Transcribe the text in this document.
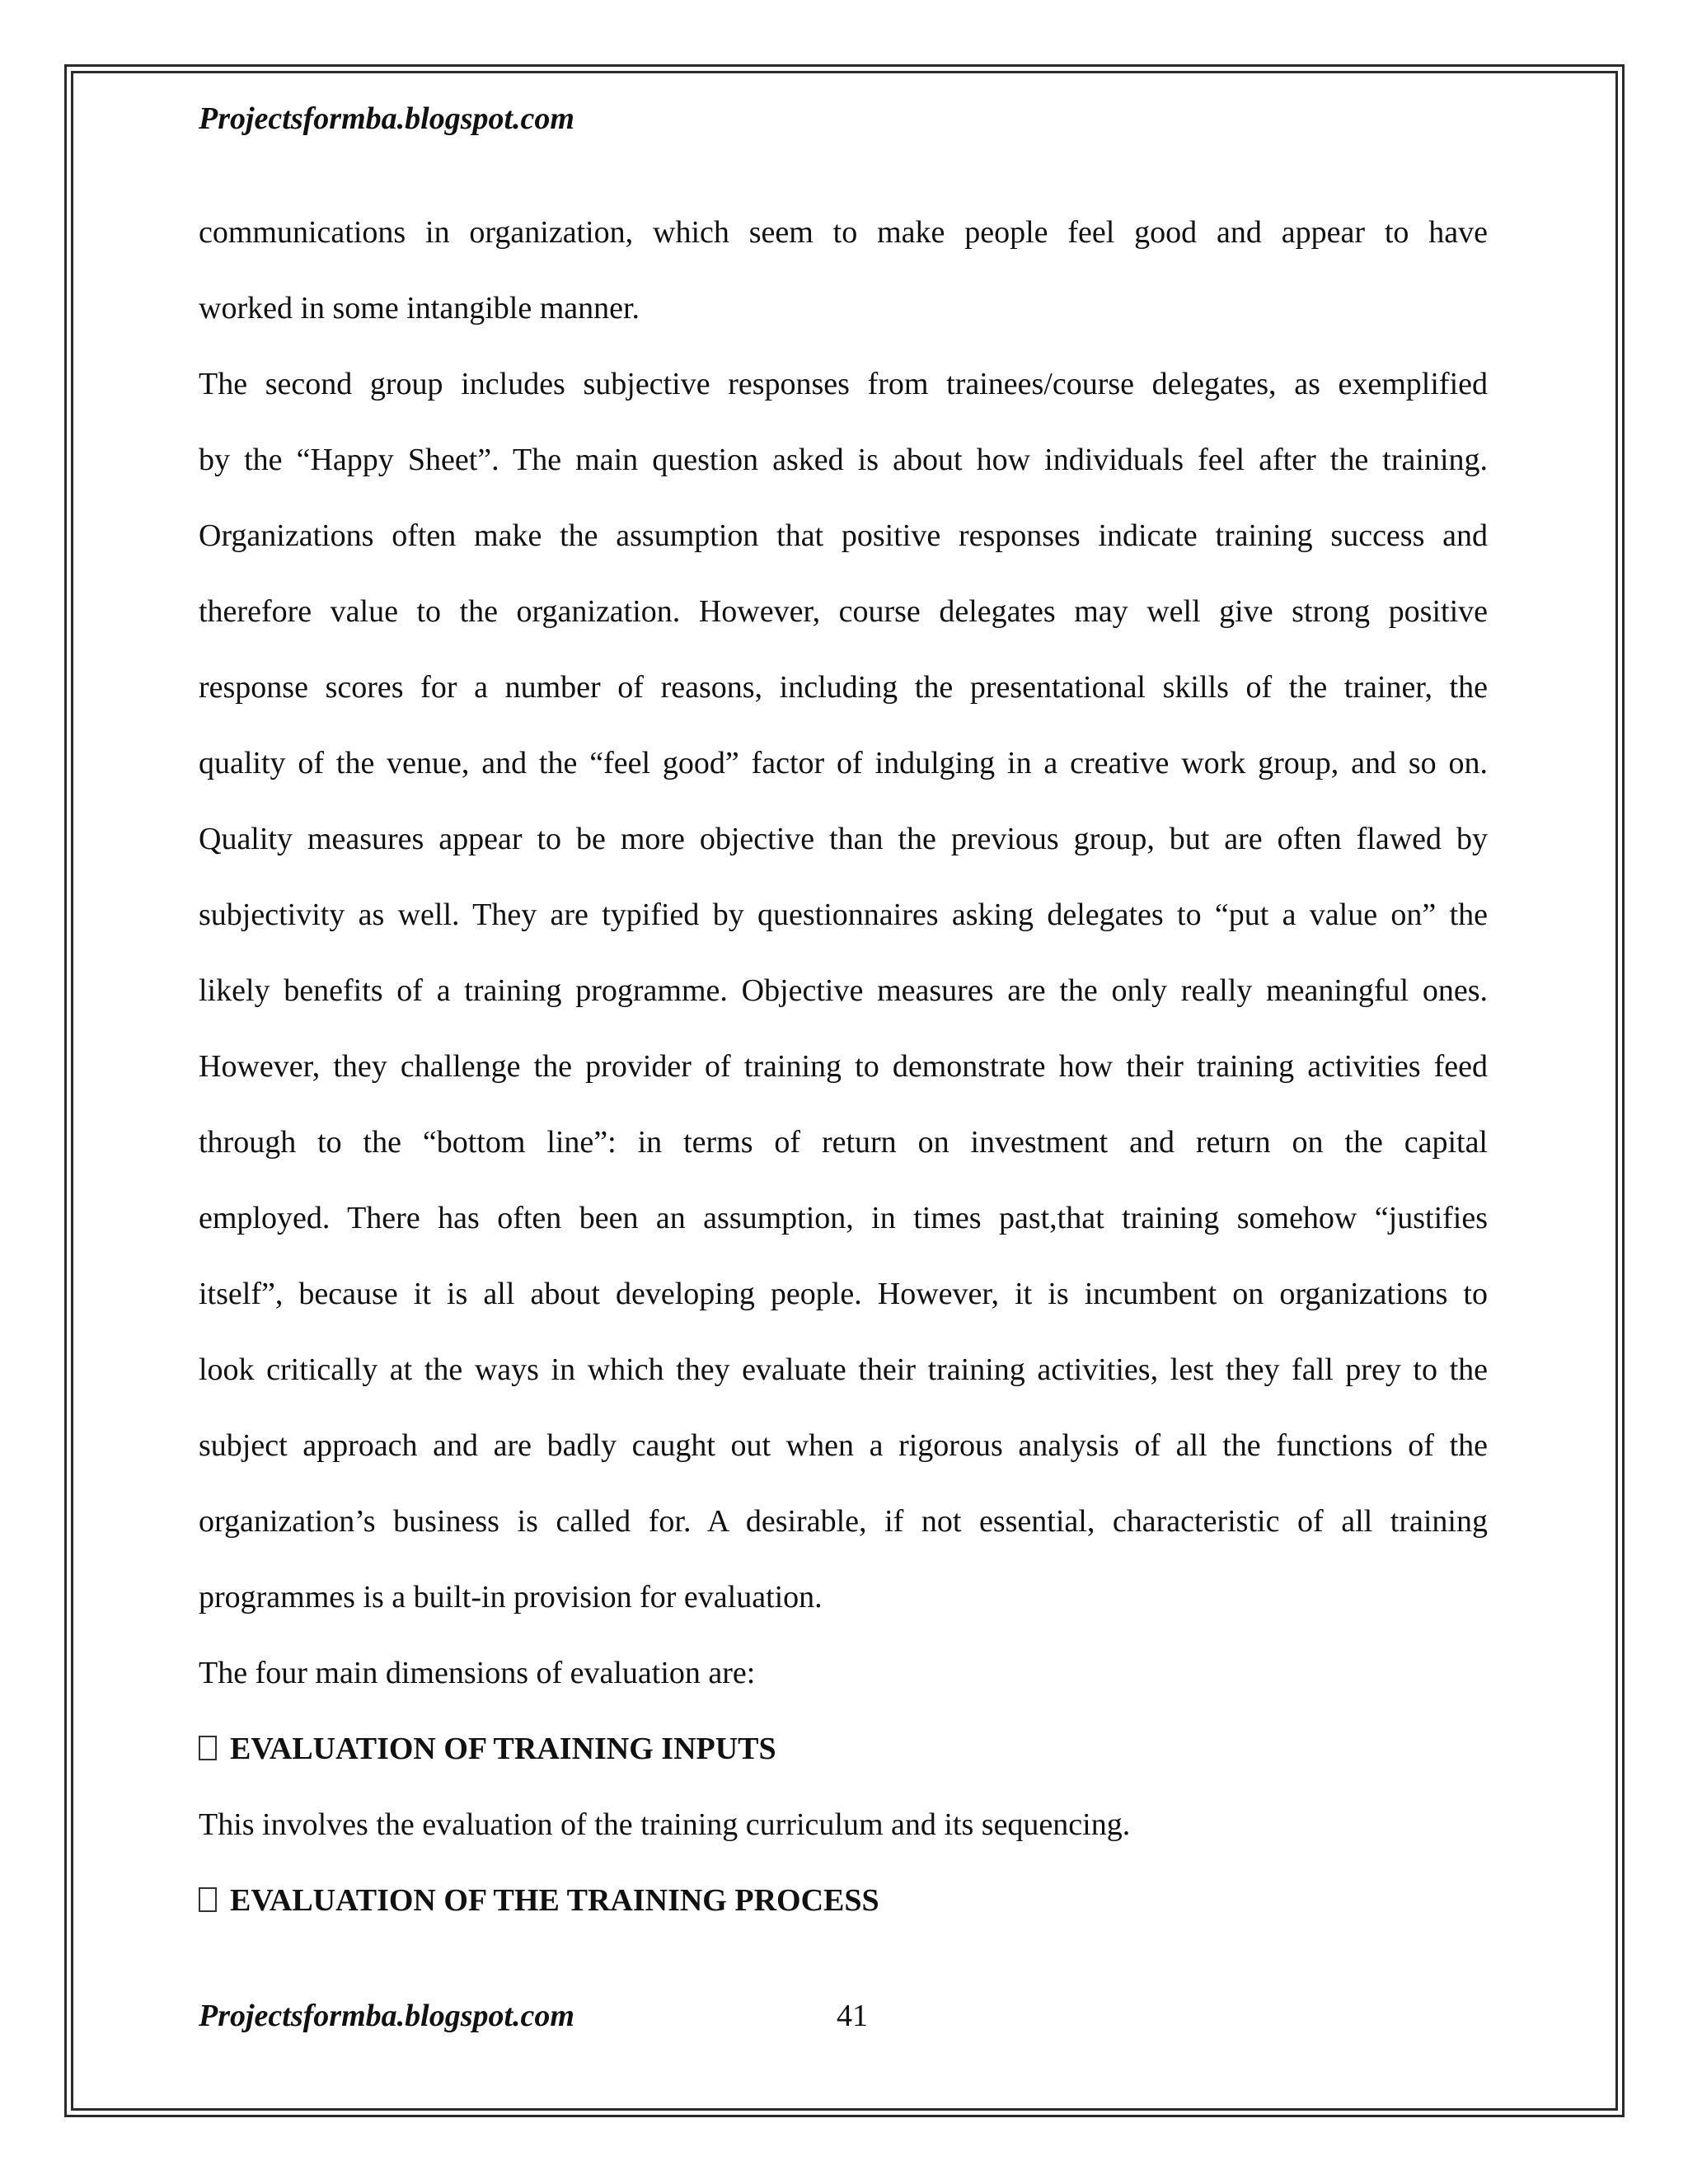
Projectsformba.blogspot.com
communications in organization, which seem to make people feel good and appear to have
worked in some intangible manner.
The second group includes subjective responses from trainees/course delegates, as exemplified
by the “Happy Sheet”. The main question asked is about how individuals feel after the training.
Organizations often make the assumption that positive responses indicate training success and
therefore value to the organization. However, course delegates may well give strong positive
response scores for a number of reasons, including the presentational skills of the trainer, the
quality of the venue, and the “feel good” factor of indulging in a creative work group, and so on.
Quality measures appear to be more objective than the previous group, but are often flawed by
subjectivity as well. They are typified by questionnaires asking delegates to “put a value on” the
likely benefits of a training programme. Objective measures are the only really meaningful ones.
However, they challenge the provider of training to demonstrate how their training activities feed
through to the “bottom line”: in terms of return on investment and return on the capital
employed. There has often been an assumption, in times past,that training somehow “justifies
itself”, because it is all about developing people. However, it is incumbent on organizations to
look critically at the ways in which they evaluate their training activities, lest they fall prey to the
subject approach and are badly caught out when a rigorous analysis of all the functions of the
organization’s business is called for. A desirable, if not essential, characteristic of all training
programmes is a built-in provision for evaluation.
The four main dimensions of evaluation are:
EVALUATION OF TRAINING INPUTS
This involves the evaluation of the training curriculum and its sequencing.
EVALUATION OF THE TRAINING PROCESS
Projectsformba.blogspot.com	41
